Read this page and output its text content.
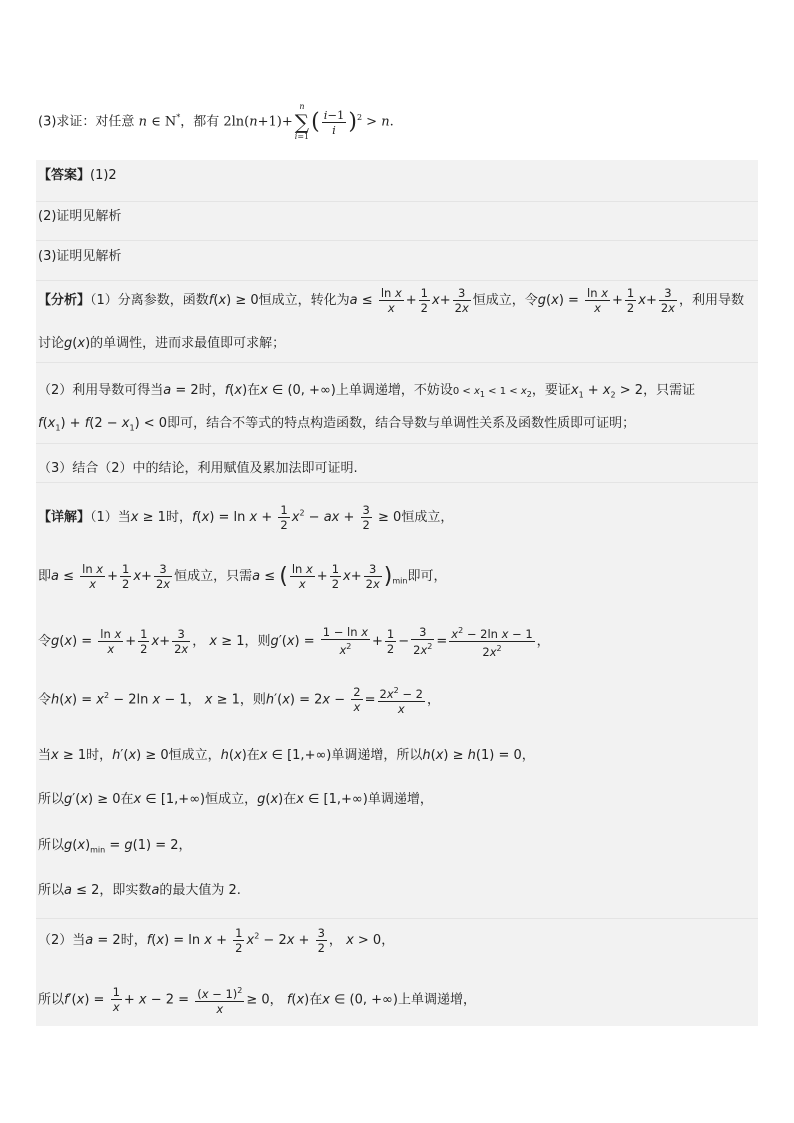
(3)求证：对任意 n ∈ N*，都有 2ln(n+1)+
n
∑
i=1
( $\frac{i-1}{i} )^2 > n$.
【答案】(1)2
(2)证明见解析
(3)证明见解析
【分析】（1）分离参数，函数f(x) ≥ 0恒成立，转化为$a \le \frac{\text{ln x}}{x} + \frac{1}{2} x+ \frac{3}{2x}$ 恒成立，令$g(x) = \frac{\text{ln x}}{x} + \frac{1}{2} x+ \frac{3}{2x}$ ，利用导数
讨论g(x)的单调性，进而求最值即可求解；
（2）利用导数可得当a = 2时，f(x)在x ∈ (0, +∞)上单调递增，不妨设$0 < x_1 < 1 < x_2$，要证$x_1 + x_2 > 2$，只需证
$f(x_1) + f(2 - x_1) < 0$即可，结合不等式的特点构造函数，结合导数与单调性关系及函数性质即可证明；
（3）结合（2）中的结论，利用赋值及累加法即可证明.
【详解】（1）当x ≥ 1时，$f(x) = \ln x + \frac{1}{2} x^2$ − ax + $\frac{3}{2} \ge 0$恒成立，
即$a \le \frac{\text{ln x}}{x} + \frac{1}{2} x+ \frac{3}{2x}$ 恒成立，只需a ≤ ( $\frac{\text{ln x}}{x} + \frac{1}{2} x+ \frac{3}{2x} )_{min}$即可，
令$g(x) = \frac{\text{ln x}}{x} + \frac{1}{2} x+ \frac{3}{2x}$ ， x ≥ 1，则$g'(x) = \frac{\text{1 − ln x}}{x^2} + \frac{1}{2} - \frac{3}{2x^2} = \frac{x^2 - 2\ln x - 1}{2x^2}$ ，
令$h(x) = x^2 - 2\ln$ x − 1， x ≥ 1，则$h'(x) = 2x - \frac{2}{x} = \frac{2x^2 - 2}{x}$ ，
当x ≥ 1时，h′(x) ≥ 0恒成立，h(x)在x ∈ [1,+∞)单调递增，所以h(x) ≥ h(1) = 0，
所以g′(x) ≥ 0在x ∈ [1,+∞)恒成立，g(x)在x ∈ [1,+∞)单调递增，
所以$g(x)_{min} = g(1) = 2$，
所以a ≤ 2，即实数a的最大值为 2.
（2）当a = 2时，$f(x) = \ln x + \frac{1}{2} x^2 - 2x + \frac{3}{2}$ ， x > 0，
所以$f'(x) = \frac{1}{x} + x - 2 = \frac{(x - 1)^2}{x} \ge 0$， f(x)在x ∈ (0, +∞)上单调递增，
